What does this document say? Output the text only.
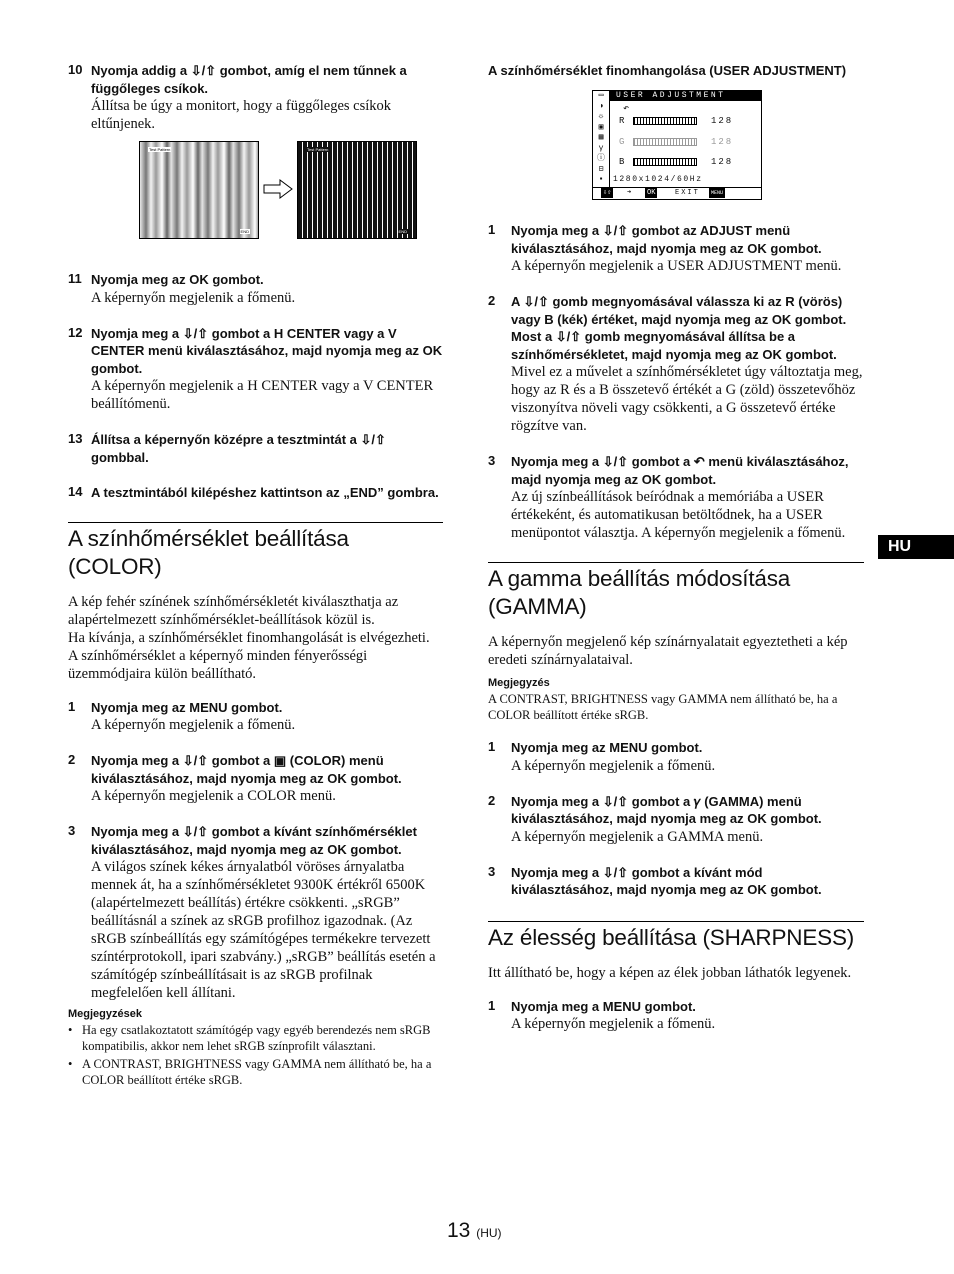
10 Nyomja addig a ⇩/⇧ gombot, amíg el nem tűnnek a függőleges csíkok.
Állítsa be úgy a monitort, hogy a függőleges csíkok eltűnjenek.
Test Pattern
END
Test Pattern
END
11 Nyomja meg az OK gombot.
A képernyőn megjelenik a főmenü.
12 Nyomja meg a ⇩/⇧ gombot a H CENTER vagy a V CENTER menü kiválasztásához, majd nyomja meg az OK gombot.
A képernyőn megjelenik a H CENTER vagy a V CENTER beállítómenü.
13 Állítsa a képernyőn középre a tesztmintát a ⇩/⇧ gombbal.
14 A tesztmintából kilépéshez kattintson az „END” gombra.
A színhőmérséklet beállítása (COLOR)
A kép fehér színének színhőmérsékletét kiválaszthatja az alapértelmezett színhőmérséklet-beállítások közül is.
Ha kívánja, a színhőmérséklet finomhangolását is elvégezheti.
A színhőmérséklet a képernyő minden fényerősségi üzemmódjaira külön beállítható.
1 Nyomja meg az MENU gombot.
A képernyőn megjelenik a főmenü.
2 Nyomja meg a ⇩/⇧ gombot a ▣ (COLOR) menü kiválasztásához, majd nyomja meg az OK gombot.
A képernyőn megjelenik a COLOR menü.
3 Nyomja meg a ⇩/⇧ gombot a kívánt színhőmérséklet kiválasztásához, majd nyomja meg az OK gombot.
A világos színek kékes árnyalatból vöröses árnyalatba mennek át, ha a színhőmérsékletet 9300K értékről 6500K (alapértelmezett beállítás) értékre csökkenti. „sRGB” beállításnál a színek az sRGB profilhoz igazodnak. (Az sRGB színbeállítás egy számítógépes termékekre tervezett színtérprotokoll, ipari szabvány.) „sRGB” beállítás esetén a számítógép színbeállításait is az sRGB profilnak megfelelően kell állítani.
Megjegyzések
• Ha egy csatlakoztatott számítógép vagy egyéb berendezés nem sRGB kompatibilis, akkor nem lehet sRGB színprofilt választani.
• A CONTRAST, BRIGHTNESS vagy GAMMA nem állítható be, ha a COLOR beállított értéke sRGB.
A színhőmérséklet finomhangolása (USER ADJUSTMENT)
▭
◑
☼
▣
▦
γ
ⓘ
⊟
▪
USER ADJUSTMENT
↶
R	128
G	128
B	128
1280x1024/60Hz
⇩⇧ ➜ OK	EXIT	MENU
1 Nyomja meg a ⇩/⇧ gombot az ADJUST menü kiválasztásához, majd nyomja meg az OK gombot.
A képernyőn megjelenik a USER ADJUSTMENT menü.
2 A ⇩/⇧ gomb megnyomásával válassza ki az R (vörös) vagy B (kék) értéket, majd nyomja meg az OK gombot. Most a ⇩/⇧ gomb megnyomásával állítsa be a színhőmérsékletet, majd nyomja meg az OK gombot.
Mivel ez a művelet a színhőmérsékletet úgy változtatja meg, hogy az R és a B összetevő értékét a G (zöld) összetevőhöz viszonyítva növeli vagy csökkenti, a G összetevő értéke rögzítve van.
3 Nyomja meg a ⇩/⇧ gombot a ↶ menü kiválasztásához, majd nyomja meg az OK gombot.
Az új színbeállítások beíródnak a memóriába a USER értékeként, és automatikusan betöltődnek, ha a USER menüpontot választja. A képernyőn megjelenik a főmenü.
A gamma beállítás módosítása (GAMMA)
A képernyőn megjelenő kép színárnyalatait egyeztetheti a kép eredeti színárnyalataival.
Megjegyzés
A CONTRAST, BRIGHTNESS vagy GAMMA nem állítható be, ha a COLOR beállított értéke sRGB.
1 Nyomja meg az MENU gombot.
A képernyőn megjelenik a főmenü.
2 Nyomja meg a ⇩/⇧ gombot a 𝛾 (GAMMA) menü kiválasztásához, majd nyomja meg az OK gombot.
A képernyőn megjelenik a GAMMA menü.
3 Nyomja meg a ⇩/⇧ gombot a kívánt mód kiválasztásához, majd nyomja meg az OK gombot.
Az élesség beállítása (SHARPNESS)
Itt állítható be, hogy a képen az élek jobban láthatók legyenek.
1 Nyomja meg a MENU gombot.
A képernyőn megjelenik a főmenü.
HU
13 (HU)
